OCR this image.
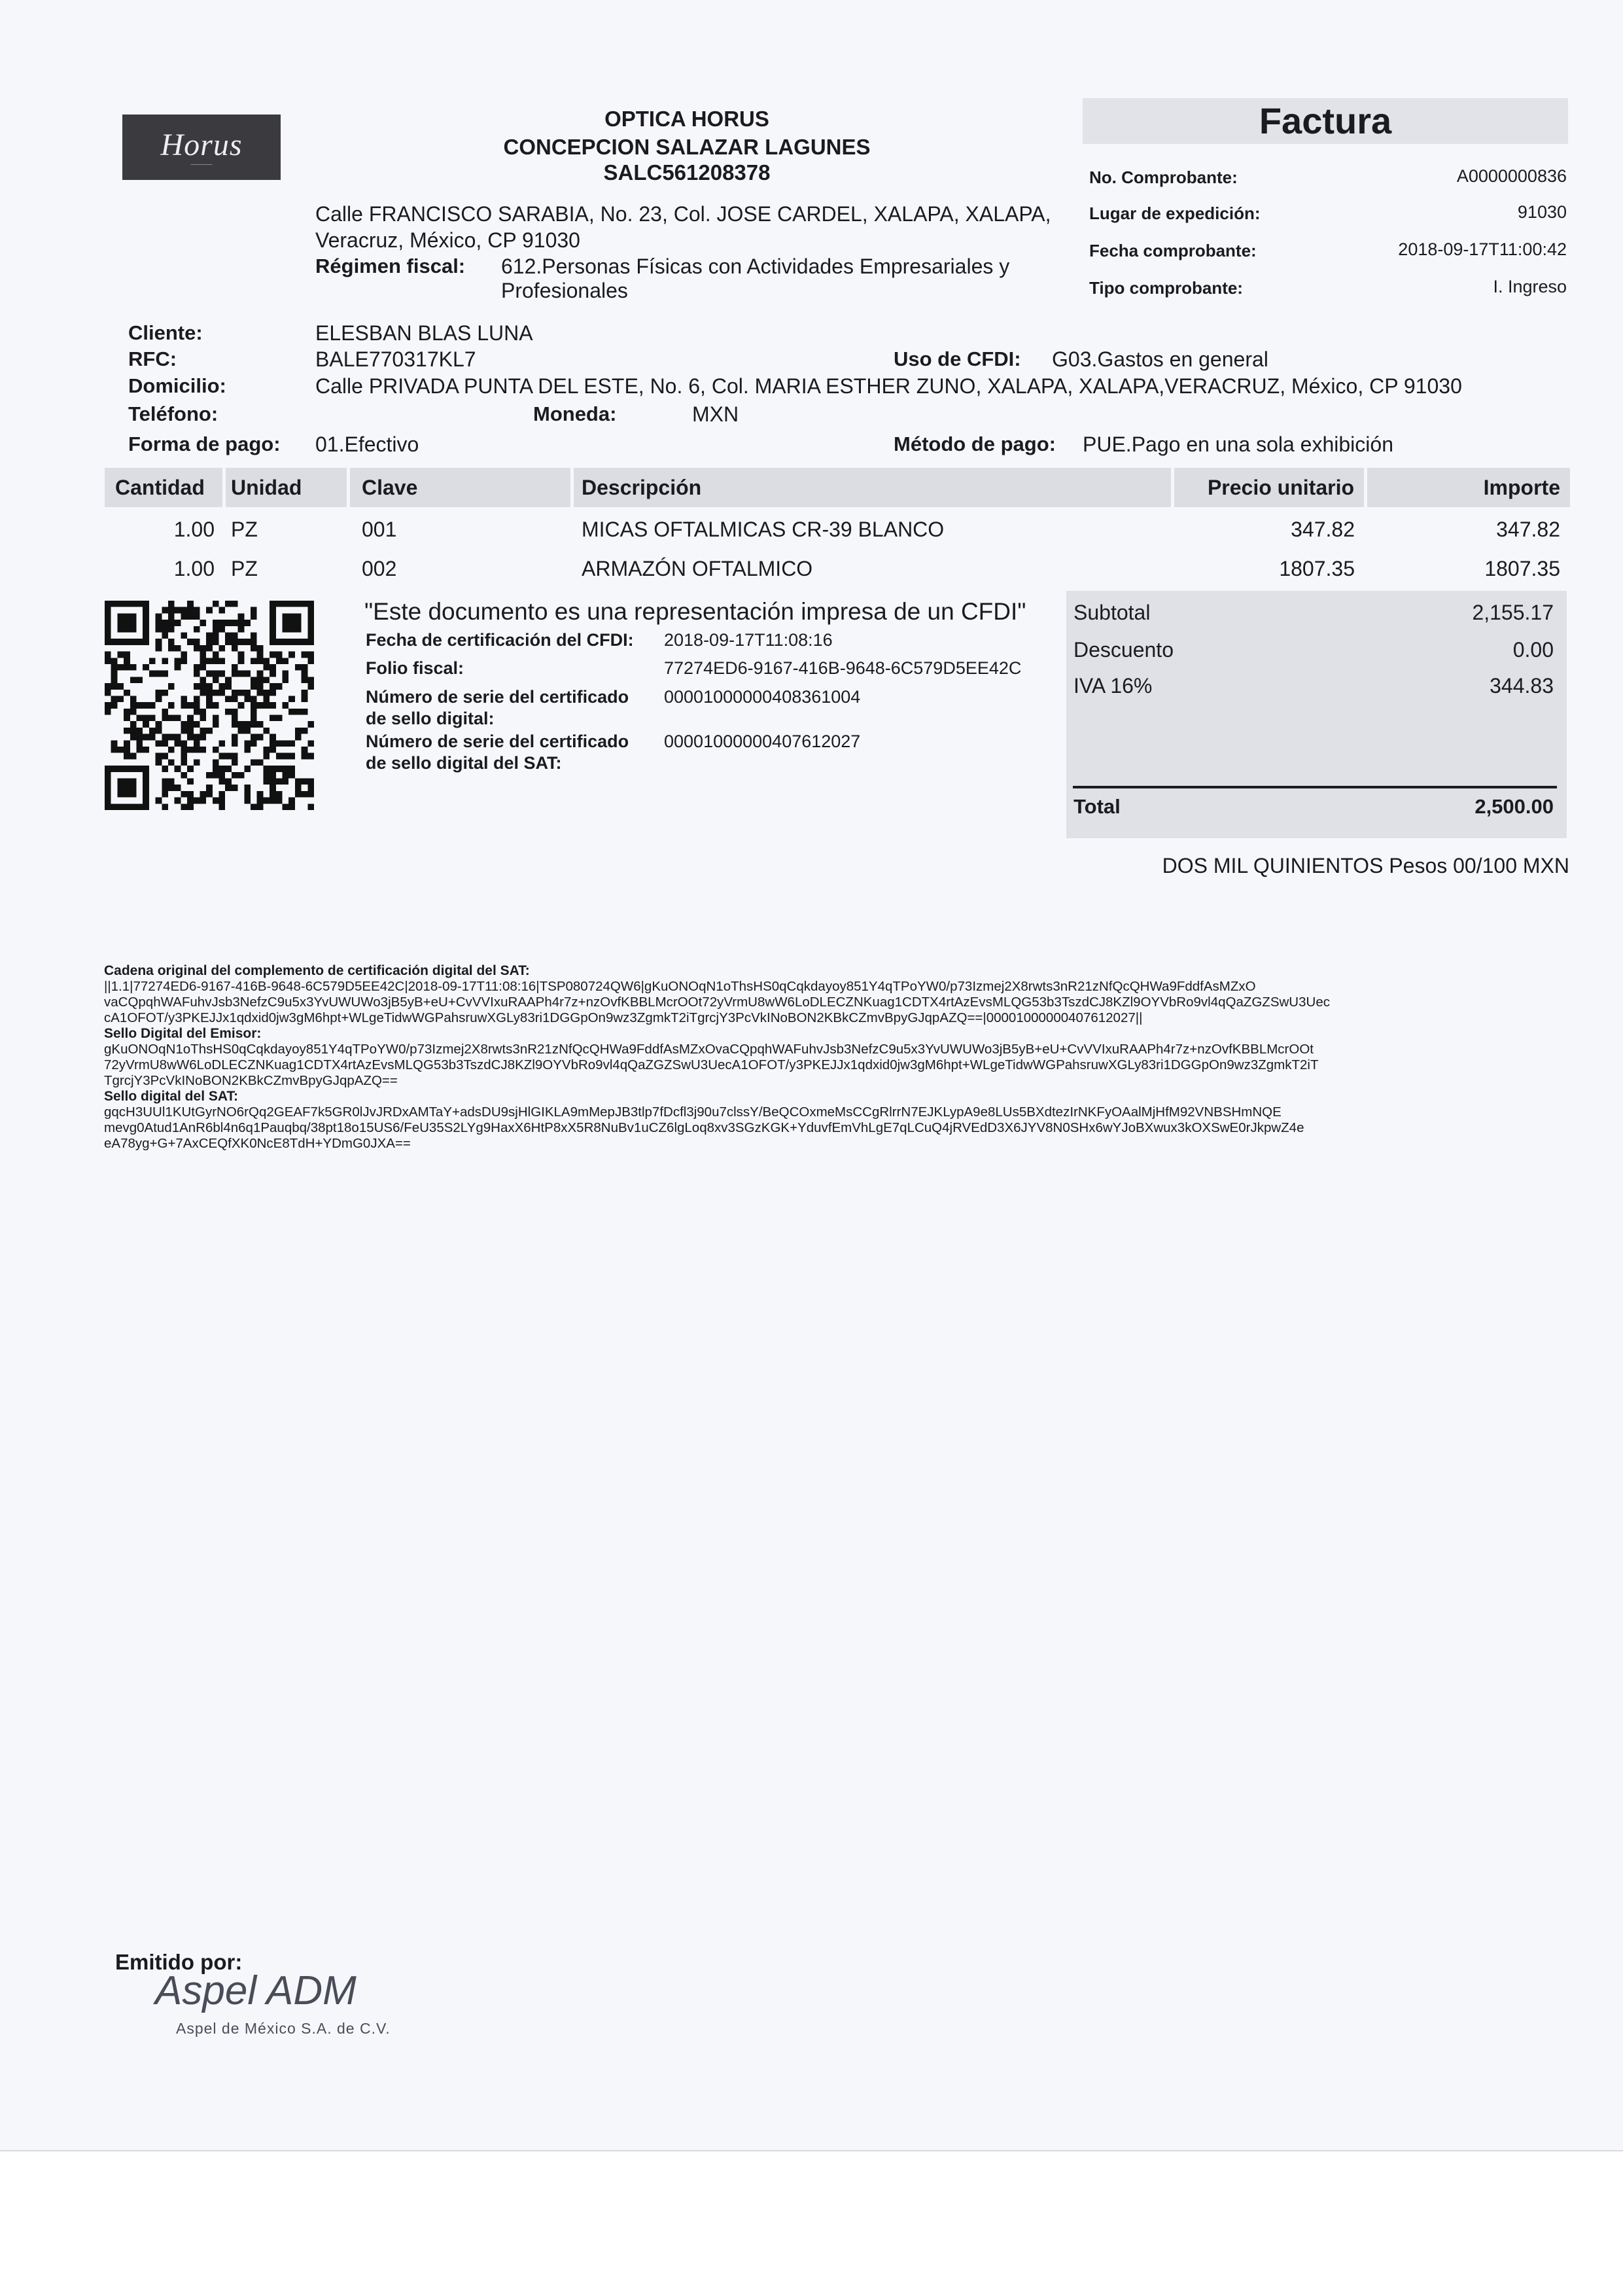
Horus
———
OPTICA HORUS
CONCEPCION SALAZAR LAGUNES
SALC561208378
Calle FRANCISCO SARABIA, No. 23, Col. JOSE CARDEL, XALAPA, XALAPA,
Veracruz, México, CP 91030
Régimen fiscal: 612.Personas Físicas con Actividades Empresariales y
Profesionales
Factura
No. Comprobante:	A0000000836
Lugar de expedición:	91030
Fecha comprobante:	2018-09-17T11:00:42
Tipo comprobante:	I. Ingreso
Cliente:	ELESBAN BLAS LUNA
RFC:	BALE770317KL7	Uso de CFDI: G03.Gastos en general
Domicilio:	Calle PRIVADA PUNTA DEL ESTE, No. 6, Col. MARIA ESTHER ZUNO, XALAPA, XALAPA,VERACRUZ, México, CP 91030
Teléfono:	Moneda:	MXN
Forma de pago: 01.Efectivo	Método de pago: PUE.Pago en una sola exhibición
Cantidad Unidad	Clave	Descripción	Precio unitario	Importe
1.00 PZ	001	MICAS OFTALMICAS CR-39 BLANCO	347.82	347.82
1.00 PZ	002	ARMAZÓN OFTALMICO	1807.35	1807.35
"Este documento es una representación impresa de un CFDI"
Fecha de certificación del CFDI: 2018-09-17T11:08:16
Folio fiscal:	77274ED6-9167-416B-9648-6C579D5EE42C
Número de serie del certificado
de sello digital:
00001000000408361004
Número de serie del certificado
de sello digital del SAT:
00001000000407612027
Subtotal	2,155.17
Descuento	0.00
IVA 16%	344.83
Total	2,500.00
DOS MIL QUINIENTOS Pesos 00/100 MXN
Cadena original del complemento de certificación digital del SAT:
||1.1|77274ED6-9167-416B-9648-6C579D5EE42C|2018-09-17T11:08:16|TSP080724QW6|gKuONOqN1oThsHS0qCqkdayoy851Y4qTPoYW0/p73Izmej2X8rwts3nR21zNfQcQHWa9FddfAsMZxO
vaCQpqhWAFuhvJsb3NefzC9u5x3YvUWUWo3jB5yB+eU+CvVVIxuRAAPh4r7z+nzOvfKBBLMcrOOt72yVrmU8wW6LoDLECZNKuag1CDTX4rtAzEvsMLQG53b3TszdCJ8KZl9OYVbRo9vl4qQaZGZSwU3Uec
cA1OFOT/y3PKEJJx1qdxid0jw3gM6hpt+WLgeTidwWGPahsruwXGLy83ri1DGGpOn9wz3ZgmkT2iTgrcjY3PcVkINoBON2KBkCZmvBpyGJqpAZQ==|00001000000407612027||
Sello Digital del Emisor:
gKuONOqN1oThsHS0qCqkdayoy851Y4qTPoYW0/p73Izmej2X8rwts3nR21zNfQcQHWa9FddfAsMZxOvaCQpqhWAFuhvJsb3NefzC9u5x3YvUWUWo3jB5yB+eU+CvVVIxuRAAPh4r7z+nzOvfKBBLMcrOOt
72yVrmU8wW6LoDLECZNKuag1CDTX4rtAzEvsMLQG53b3TszdCJ8KZl9OYVbRo9vl4qQaZGZSwU3UecA1OFOT/y3PKEJJx1qdxid0jw3gM6hpt+WLgeTidwWGPahsruwXGLy83ri1DGGpOn9wz3ZgmkT2iT
TgrcjY3PcVkINoBON2KBkCZmvBpyGJqpAZQ==
Sello digital del SAT:
gqcH3UUl1KUtGyrNO6rQq2GEAF7k5GR0lJvJRDxAMTaY+adsDU9sjHlGIKLA9mMepJB3tlp7fDcfl3j90u7clssY/BeQCOxmeMsCCgRlrrN7EJKLypA9e8LUs5BXdtezIrNKFyOAalMjHfM92VNBSHmNQE
mevg0Atud1AnR6bl4n6q1Pauqbq/38pt18o15US6/FeU35S2LYg9HaxX6HtP8xX5R8NuBv1uCZ6lgLoq8xv3SGzKGK+YduvfEmVhLgE7qLCuQ4jRVEdD3X6JYV8N0SHx6wYJoBXwux3kOXSwE0rJkpwZ4e
eA78yg+G+7AxCEQfXK0NcE8TdH+YDmG0JXA==
Emitido por:
Aspel ADM
Aspel de México S.A. de C.V.
